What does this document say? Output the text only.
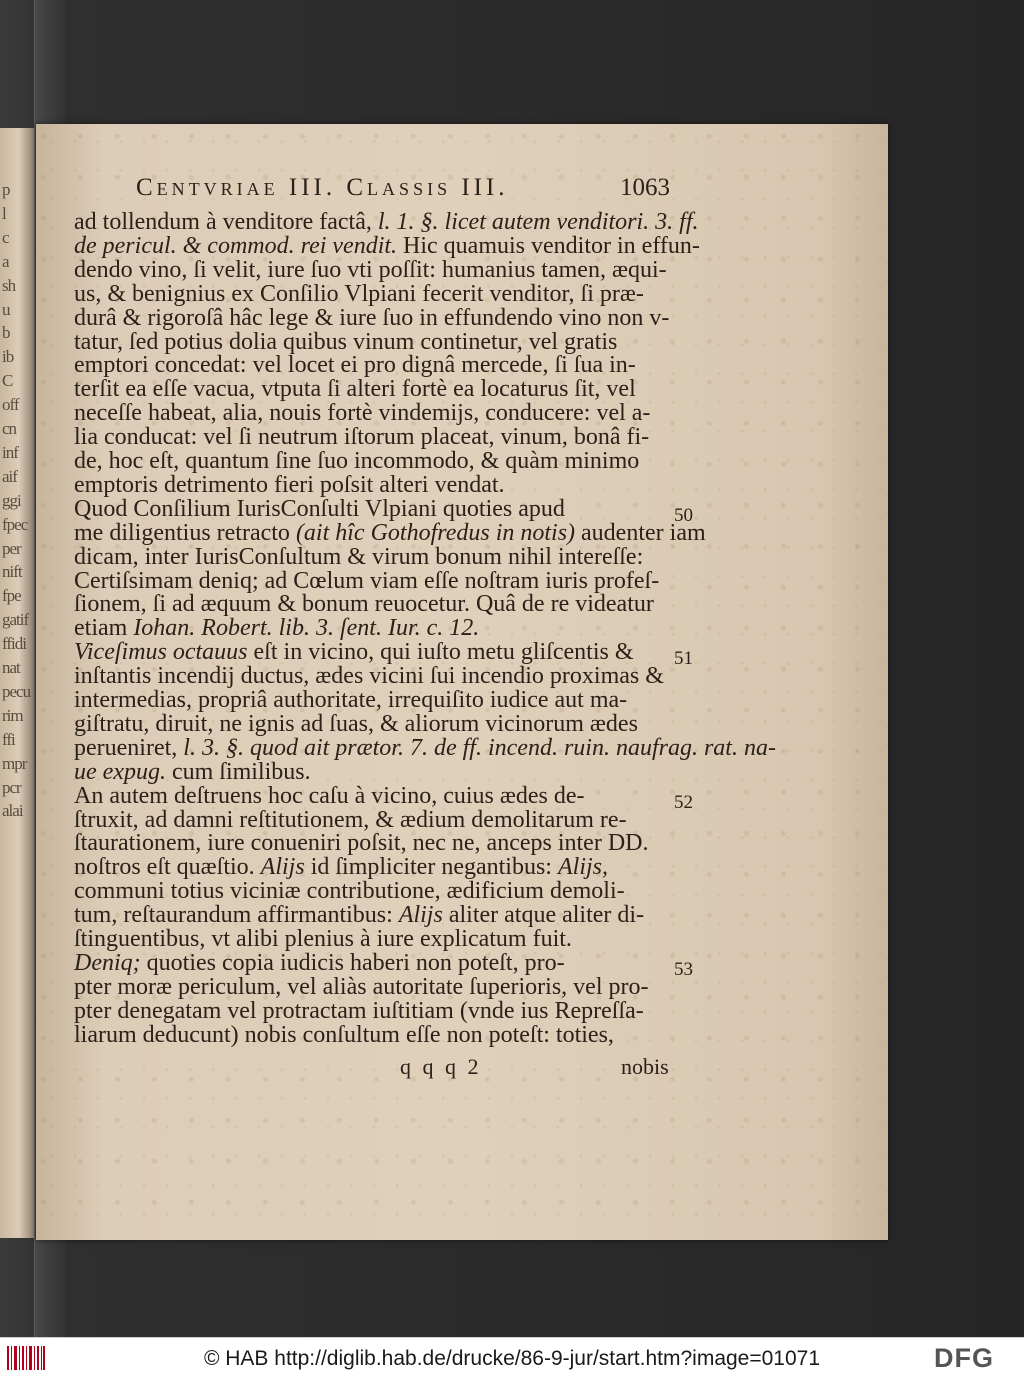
p
l
c
a
sh
u
b
ib
C
off
cn
inf
aif
ggi
fpec
per
nift
fpe
gatif
ffidi
nat
pecu
rim
ffi
mpr
pcr
alai
Centvriae III. Classis III.	1063
ad tollendum à venditore factâ, l. 1. §. licet autem venditori. 3. ff.
de pericul. & commod. rei vendit. Hic quamuis venditor in effun-
dendo vino, ſi velit, iure ſuo vti poſſit: humanius tamen, æqui-
us, & benignius ex Conſilio Vlpiani fecerit venditor, ſi præ-
durâ & rigoroſâ hâc lege & iure ſuo in effundendo vino non v-
tatur, ſed potius dolia quibus vinum continetur, vel gratis
emptori concedat: vel locet ei pro dignâ mercede, ſi ſua in-
terſit ea eſſe vacua, vtputa ſi alteri fortè ea locaturus ſit, vel
neceſſe habeat, alia, nouis fortè vindemijs, conducere: vel a-
lia conducat: vel ſi neutrum iſtorum placeat, vinum, bonâ fi-
de, hoc eſt, quantum ſine ſuo incommodo, & quàm minimo
emptoris detrimento fieri poſsit alteri vendat.
Quod Conſilium IurisConſulti Vlpiani quoties apud
me diligentius retracto (ait hîc Gothofredus in notis) audenter iam
dicam, inter IurisConſultum & virum bonum nihil intereſſe:
Certiſsimam deniq; ad Cœlum viam eſſe noſtram iuris profeſ-
ſionem, ſi ad æquum & bonum reuocetur. Quâ de re videatur
etiam Iohan. Robert. lib. 3. ſent. Iur. c. 12.
Viceſimus octauus eſt in vicino, qui iuſto metu gliſcentis &
inſtantis incendij ductus, ædes vicini ſui incendio proximas &
intermedias, propriâ authoritate, irrequiſito iudice aut ma-
giſtratu, diruit, ne ignis ad ſuas, & aliorum vicinorum ædes
perueniret, l. 3. §. quod ait prætor. 7. de ff. incend. ruin. naufrag. rat. na-
ue expug. cum ſimilibus.
An autem deſtruens hoc caſu à vicino, cuius ædes de-
ſtruxit, ad damni reſtitutionem, & ædium demolitarum re-
ſtaurationem, iure conueniri poſsit, nec ne, anceps inter DD.
noſtros eſt quæſtio. Alijs id ſimpliciter negantibus: Alijs,
communi totius viciniæ contributione, ædificium demoli-
tum, reſtaurandum affirmantibus: Alijs aliter atque aliter di-
ſtinguentibus, vt alibi plenius à iure explicatum fuit.
Deniq; quoties copia iudicis haberi non poteſt, pro-
pter moræ periculum, vel aliàs autoritate ſuperioris, vel pro-
pter denegatam vel protractam iuſtitiam (vnde ius Repreſſa-
liarum deducunt) nobis conſultum eſſe non poteſt: toties,
50
51
52
53
q q q 2	nobis
© HAB http://diglib.hab.de/drucke/86-9-jur/start.htm?image=01071	DFG
